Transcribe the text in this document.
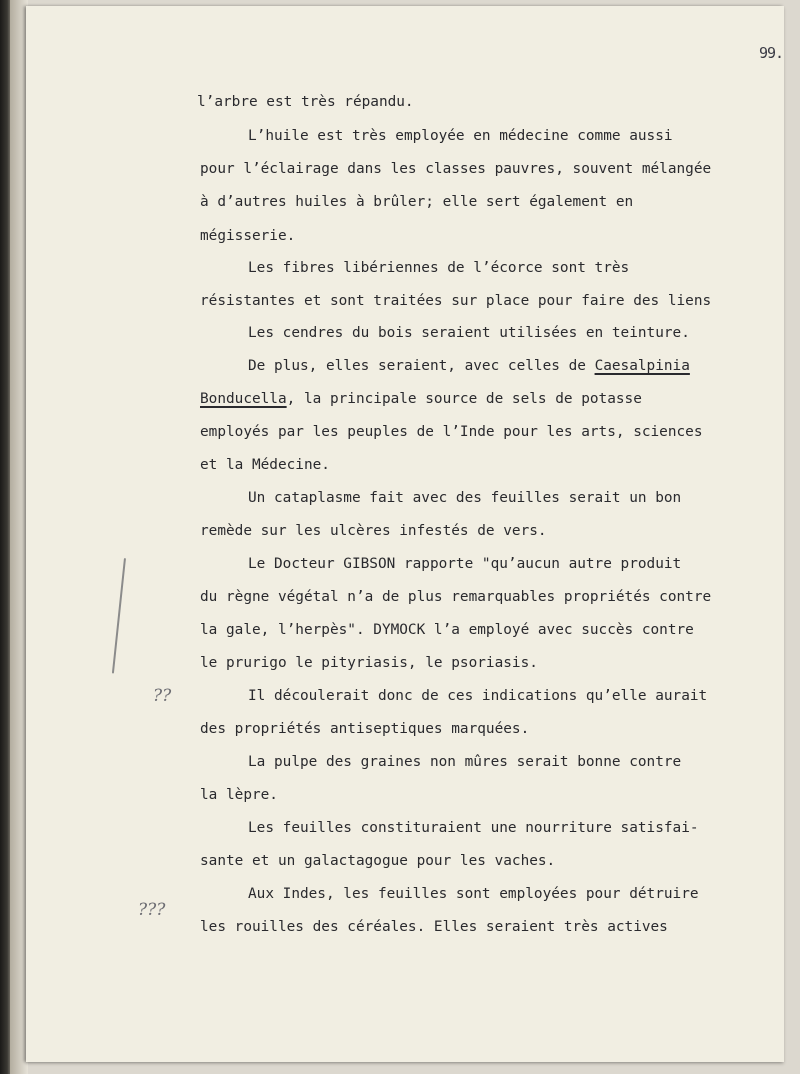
99.
l’arbre est très répandu.
L’huile est très employée en médecine comme aussi
pour l’éclairage dans les classes pauvres, souvent mélangée
à d’autres huiles à brûler; elle sert également en
mégisserie.
Les fibres libériennes de l’écorce sont très
résistantes et sont traitées sur place pour faire des liens
Les cendres du bois seraient utilisées en teinture.
De plus, elles seraient, avec celles de Caesalpinia
Bonducella, la principale source de sels de potasse
employés par les peuples de l’Inde pour les arts, sciences
et la Médecine.
Un cataplasme fait avec des feuilles serait un bon
remède sur les ulcères infestés de vers.
Le Docteur GIBSON rapporte "qu’aucun autre produit
du règne végétal n’a de plus remarquables propriétés contre
la gale, l’herpès". DYMOCK l’a employé avec succès contre
le prurigo le pityriasis, le psoriasis.
Il découlerait donc de ces indications qu’elle aurait
des propriétés antiseptiques marquées.
La pulpe des graines non mûres serait bonne contre
la lèpre.
Les feuilles constituraient une nourriture satisfai-
sante et un galactagogue pour les vaches.
Aux Indes, les feuilles sont employées pour détruire
les rouilles des céréales. Elles seraient très actives
??
???
